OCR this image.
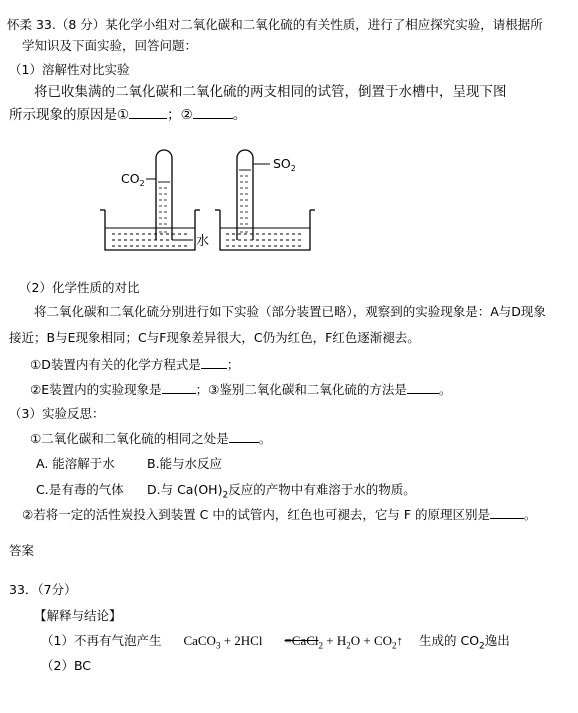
怀柔 33.（8 分）某化学小组对二氧化碳和二氧化硫的有关性质，进行了相应探究实验，请根据所
学知识及下面实验，回答问题：
（1）溶解性对比实验
将已收集满的二氧化碳和二氧化硫的两支相同的试管，倒置于水槽中，呈现下图
所示现象的原因是①	；②	。
$CO_2$
水
$SO_2$
（2）化学性质的对比
将二氧化碳和二氧化硫分别进行如下实验（部分装置已略），观察到的实验现象是：A与D现象
接近；B与E现象相同；C与F现象差异很大，C仍为红色，F红色逐渐褪去。
①D装置内有关的化学方程式是 ；
②E装置内的实验现象是	；③鉴别二氧化碳和二氧化硫的方法是	。
（3）实验反思：
①二氧化碳和二氧化硫的相同之处是 。
A. 能溶解于水	B.能与水反应
C.是有毒的气体 D.与 $Ca(OH)_2$反应的产物中有难溶于水的物质。
②若将一定的活性炭投入到装置 C 中的试管内，红色也可褪去，它与 F 的原理区别是	。
答案
33．（7分）
【解释与结论】
（1）不再有气泡产生 CaCO$_3$ + 2HCl =CaCl$_2$ + $H_2O$ + $CO_2↑$ 生成的 $CO_2$逸出
（2）BC
